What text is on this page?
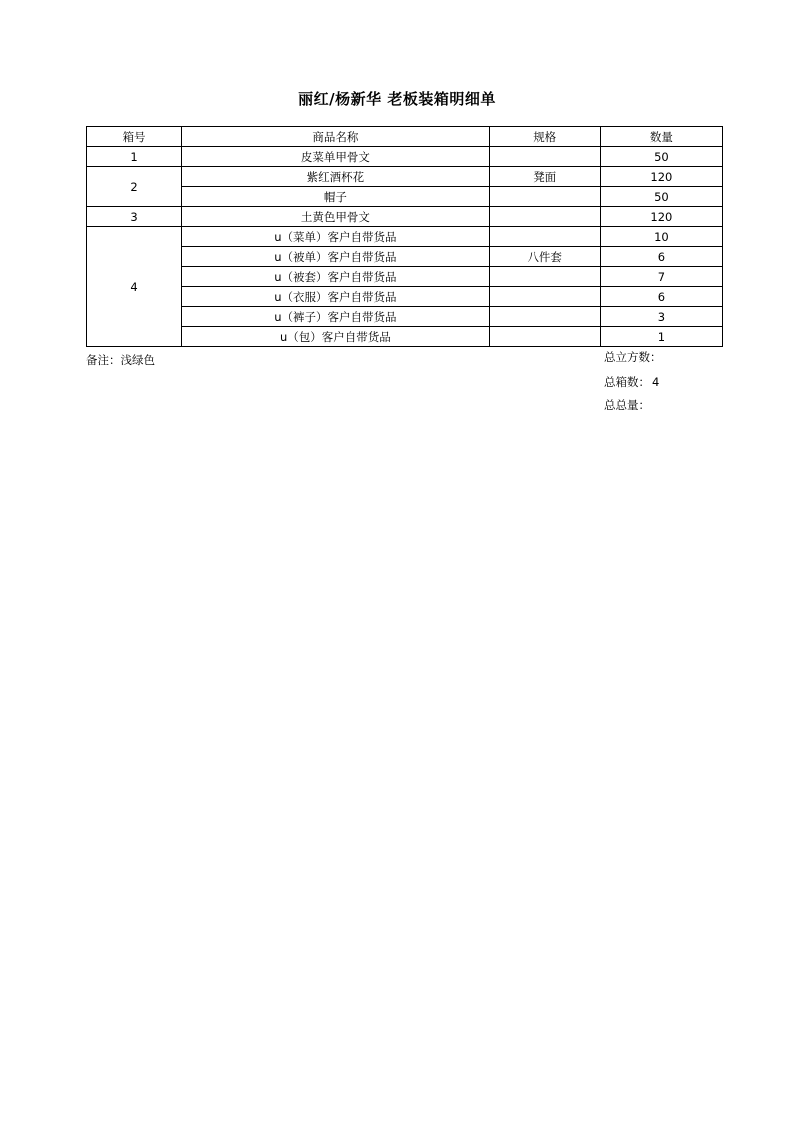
丽红/杨新华 老板装箱明细单
箱号	商品名称	规格	数量
1	皮菜单甲骨文		50
2	紫红酒杯花	凳面	120
	帽子		50
3	土黄色甲骨文		120
4	u（菜单）客户自带货品		10
	u（被单）客户自带货品	八件套	6
	u（被套）客户自带货品		7
	u（衣服）客户自带货品		6
	u（裤子）客户自带货品		3
	u（包）客户自带货品		1
备注：浅绿色	总立方数：
总箱数： 4
总总量：
